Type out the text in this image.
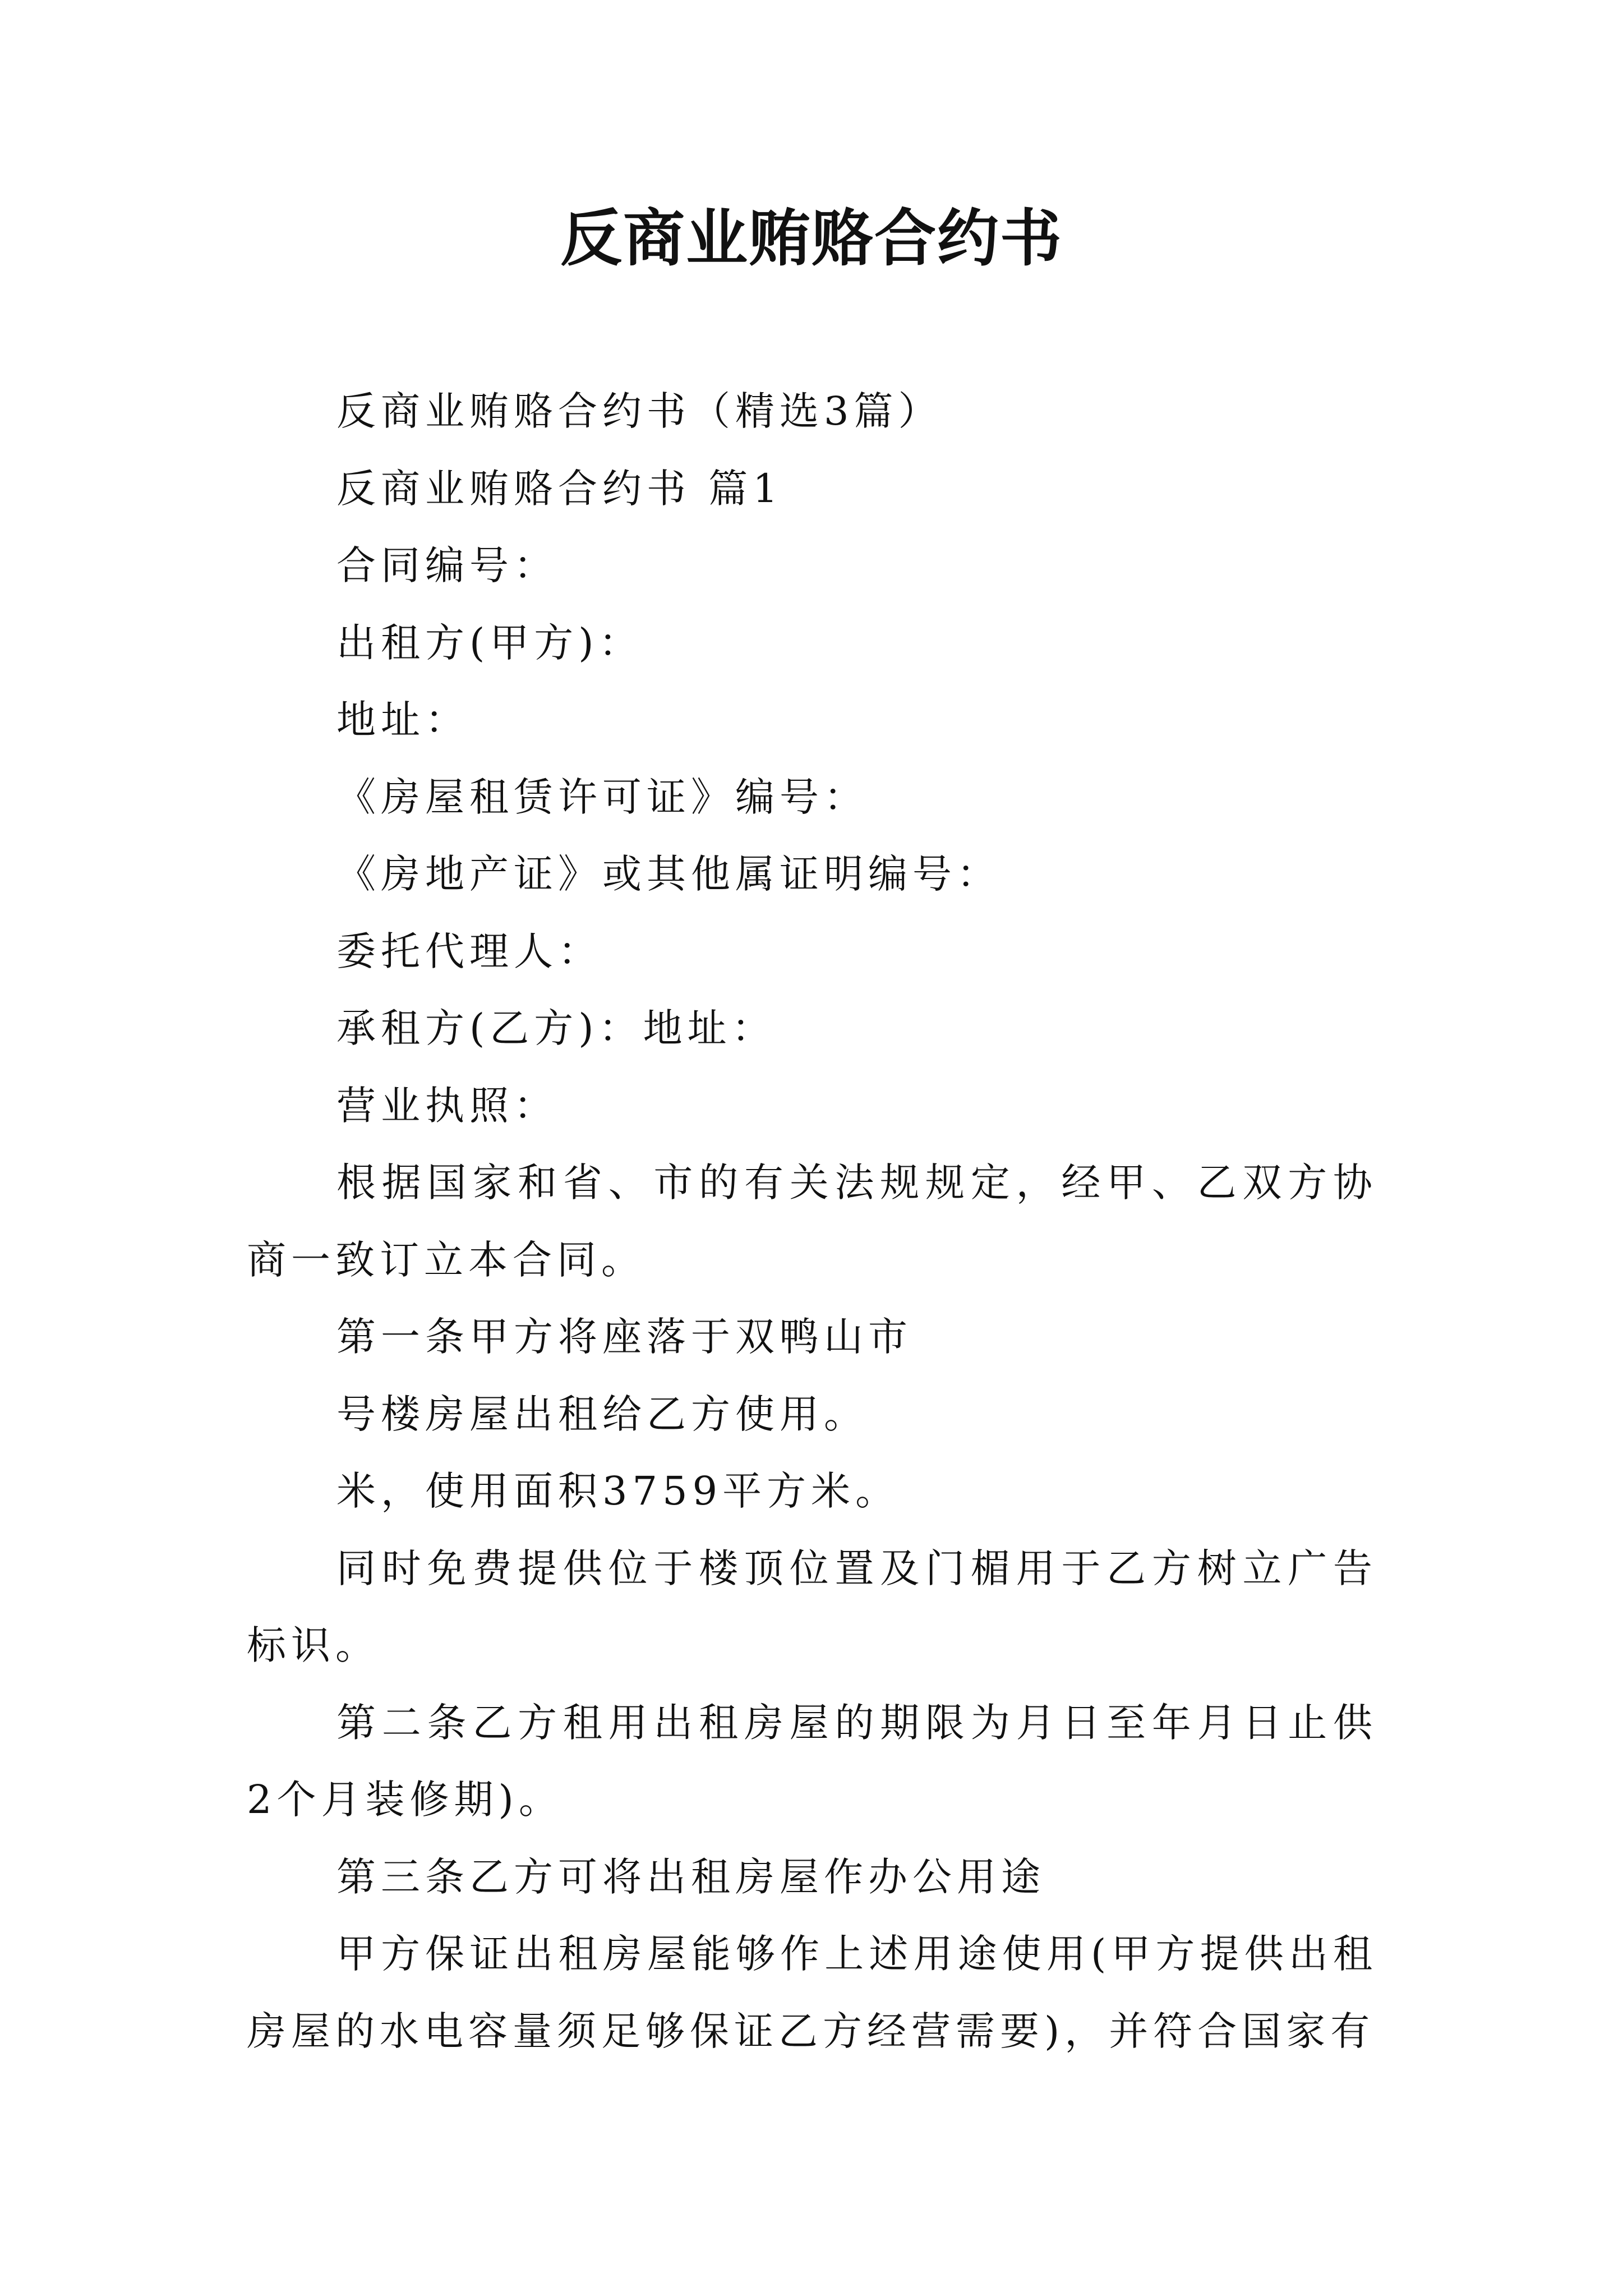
反商业贿赂合约书

反商业贿赂合约书（精选3篇）

反商业贿赂合约书 篇1

合同编号：

出租方(甲方)：

地址：

《房屋租赁许可证》编号：

《房地产证》或其他属证明编号：

委托代理人：

承租方(乙方)：地址：

营业执照：

根据国家和省、市的有关法规规定，经甲、乙双方协商一致订立本合同。

第一条甲方将座落于双鸭山市

号楼房屋出租给乙方使用。

米，使用面积3759平方米。

同时免费提供位于楼顶位置及门楣用于乙方树立广告标识。

第二条乙方租用出租房屋的期限为月日至年月日止供2个月装修期)。

第三条乙方可将出租房屋作办公用途

甲方保证出租房屋能够作上述用途使用(甲方提供出租房屋的水电容量须足够保证乙方经营需要)，并符合国家有
